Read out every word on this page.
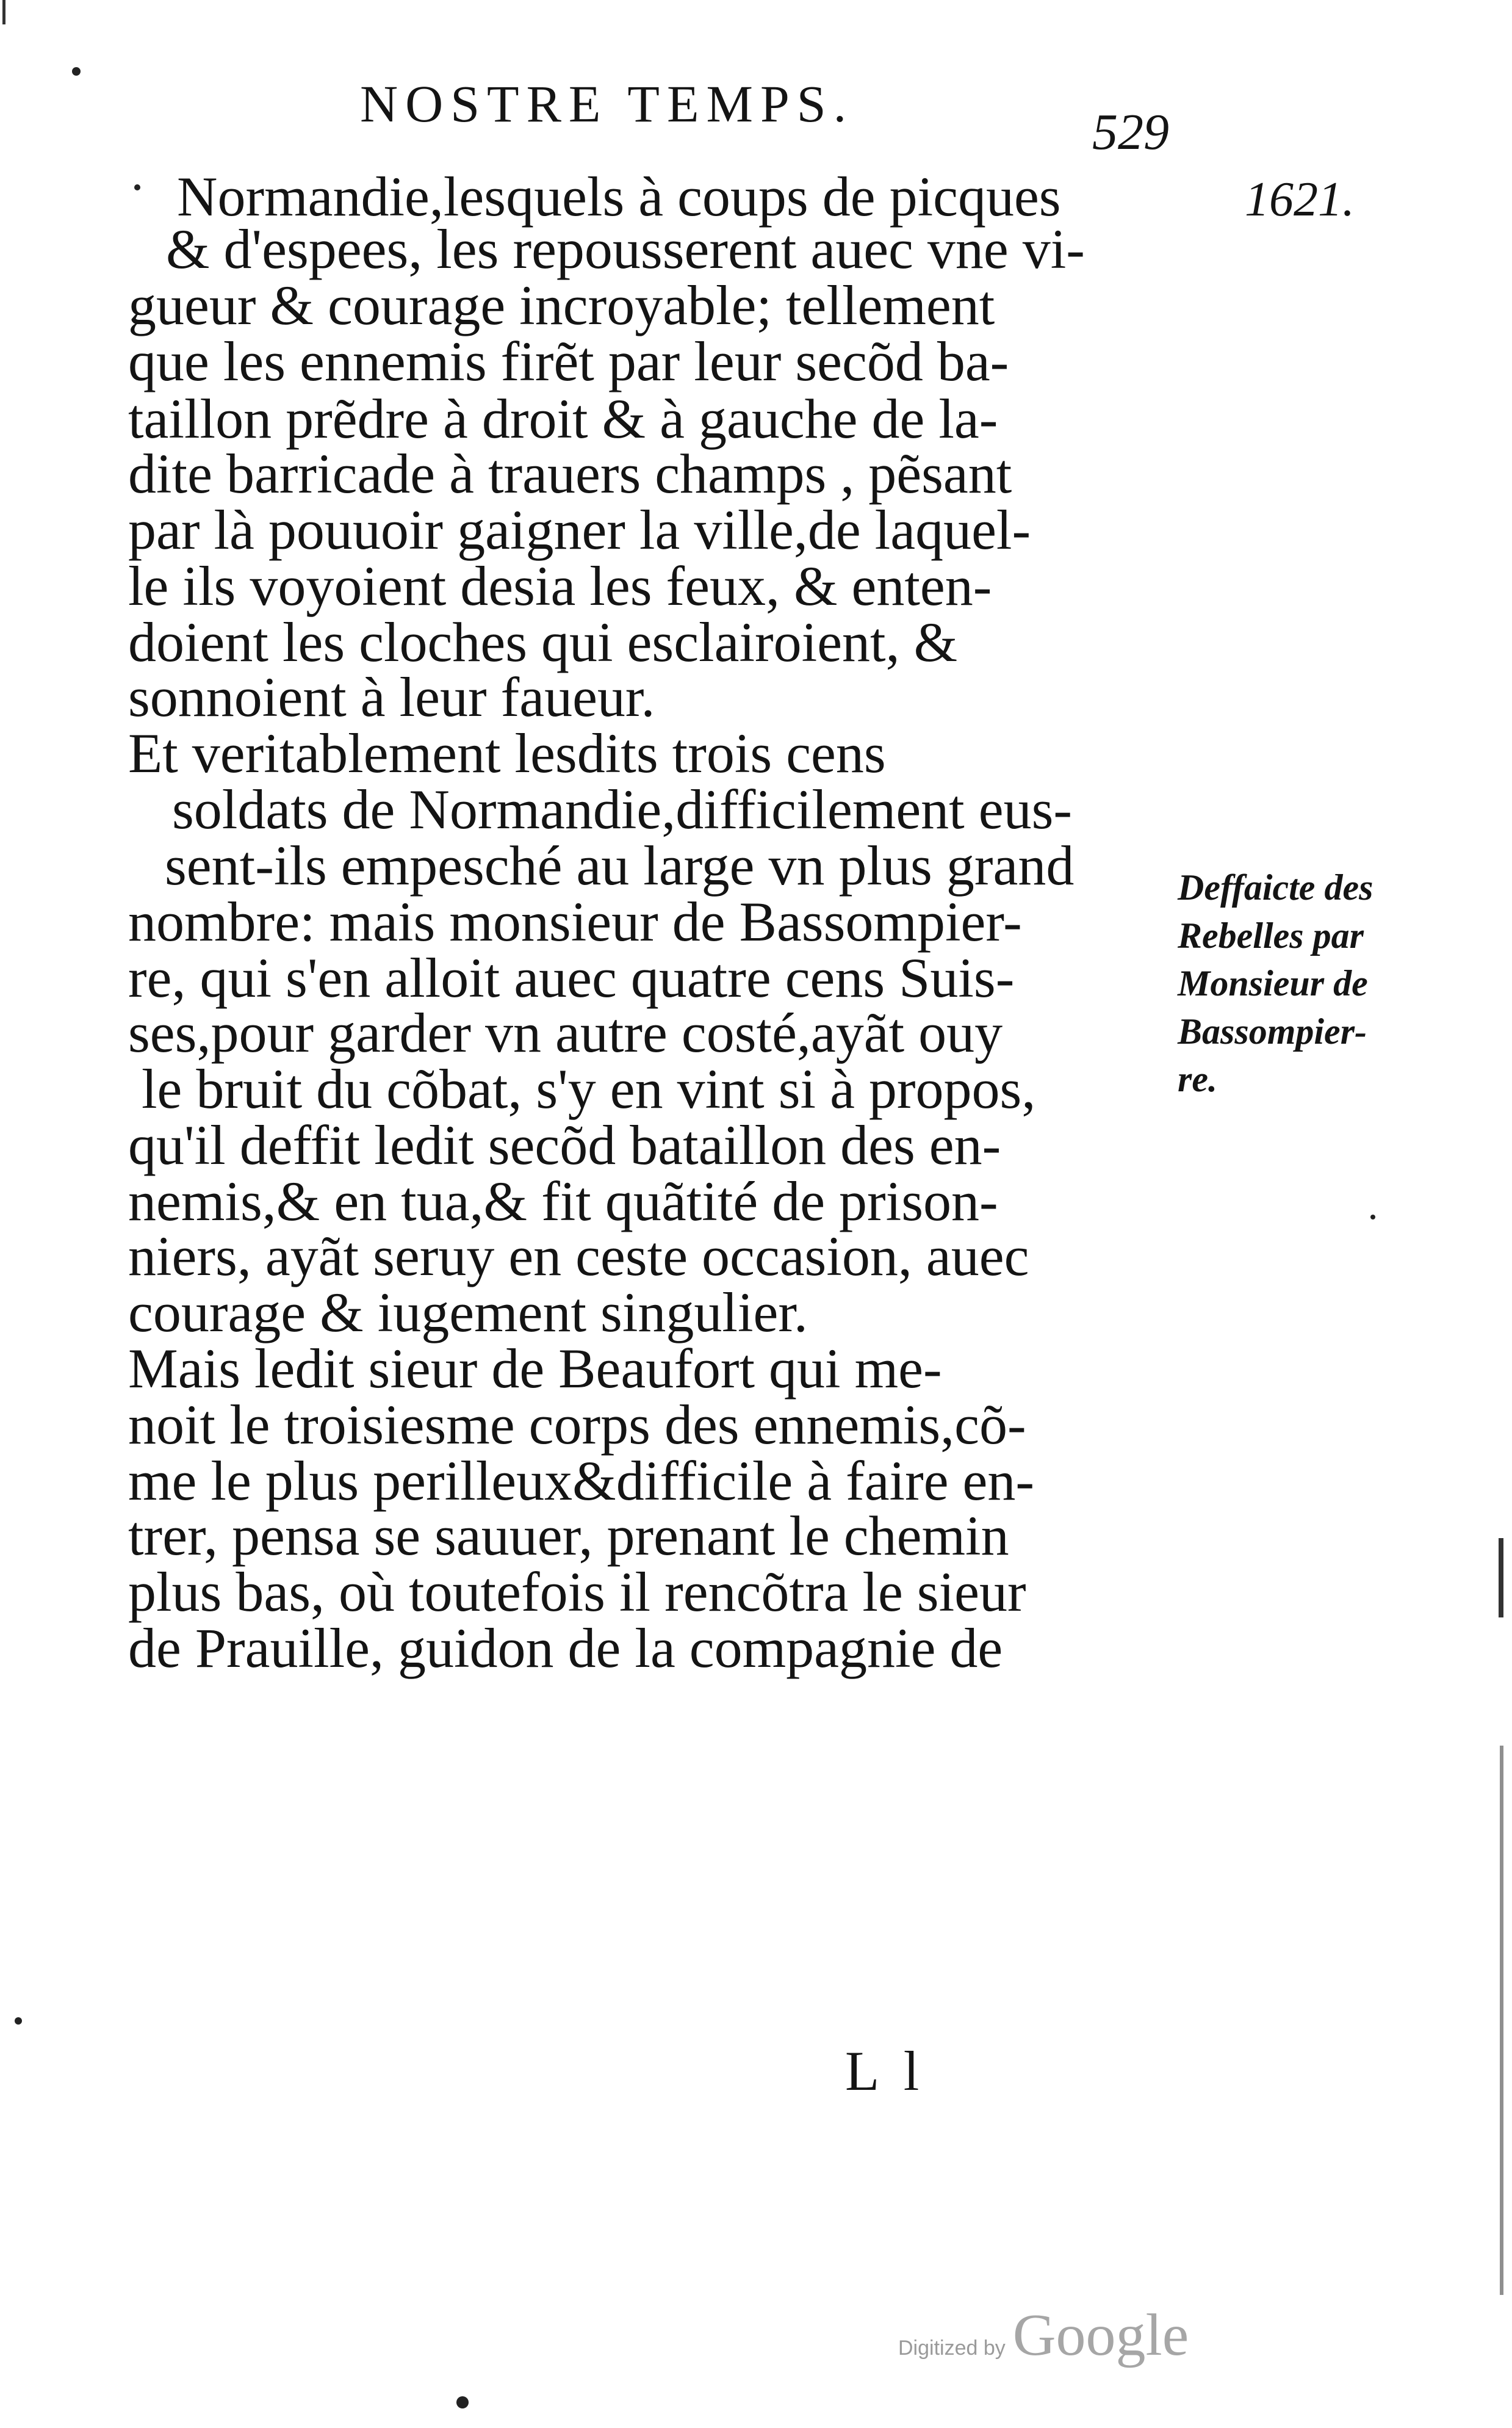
NOSTRE TEMPS.	529
1621.
Normandie,lesquels à coups de picques
& d'espees, les repousserent auec vne vi-
gueur & courage incroyable; tellement
que les ennemis firẽt par leur secõd ba-
taillon prẽdre à droit & à gauche de la-
dite barricade à trauers champs , pẽsant
par là pouuoir gaigner la ville,de laquel-
le ils voyoient desia les feux, & enten-
doient les cloches qui esclairoient, &
sonnoient à leur faueur.
Et veritablement lesdits trois cens
soldats de Normandie,difficilement eus-
sent-ils empesché au large vn plus grand
nombre: mais monsieur de Bassompier-
re, qui s'en alloit auec quatre cens Suis-
ses,pour garder vn autre costé,ayãt ouy
le bruit du cõbat, s'y en vint si à propos,
qu'il deffit ledit secõd bataillon des en-
nemis,& en tua,& fit quãtité de prison-
niers, ayãt seruy en ceste occasion, auec
courage & iugement singulier.
Mais ledit sieur de Beaufort qui me-
noit le troisiesme corps des ennemis,cõ-
me le plus perilleux&difficile à faire en-
trer, pensa se sauuer, prenant le chemin
plus bas, où toutefois il rencõtra le sieur
de Prauille, guidon de la compagnie de
Deffaicte des
Rebelles par
Monsieur de
Bassompier-
re.
L l
Digitized by Google
